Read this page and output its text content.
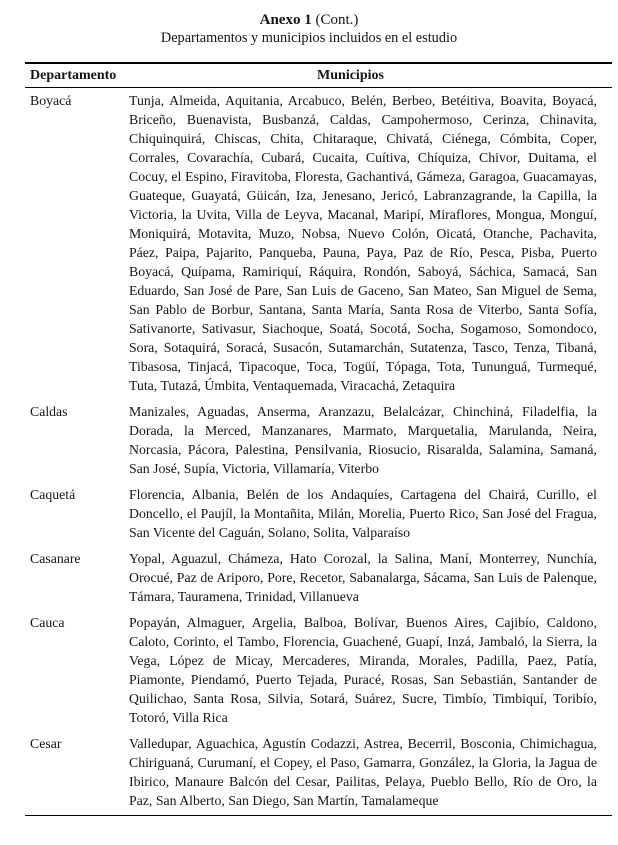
Anexo 1 (Cont.)
Departamentos y municipios incluidos en el estudio
Departamento	Municipios
Boyacá	Tunja, Almeida, Aquitania, Arcabuco, Belén, Berbeo, Betéitiva, Boavita, Boyacá, Briceño, Buenavista, Busbanzá, Caldas, Campohermoso, Cerinza, Chinavita, Chiquinquirá, Chiscas, Chita, Chitaraque, Chivatá, Ciénega, Cómbita, Coper, Corrales, Covarachía, Cubará, Cucaita, Cuítiva, Chíquiza, Chivor, Duitama, el Cocuy, el Espino, Firavitoba, Floresta, Gachantivá, Gámeza, Garagoa, Guacamayas, Guateque, Guayatá, Güicán, Iza, Jenesano, Jericó, Labranzagrande, la Capilla, la Victoria, la Uvita, Villa de Leyva, Macanal, Maripí, Miraflores, Mongua, Monguí, Moniquirá, Motavita, Muzo, Nobsa, Nuevo Colón, Oicatá, Otanche, Pachavita, Páez, Paipa, Pajarito, Panqueba, Pauna, Paya, Paz de Río, Pesca, Pisba, Puerto Boyacá, Quípama, Ramiriquí, Ráquira, Rondón, Saboyá, Sáchica, Samacá, San Eduardo, San José de Pare, San Luis de Gaceno, San Mateo, San Miguel de Sema, San Pablo de Borbur, Santana, Santa María, Santa Rosa de Viterbo, Santa Sofía, Sativanorte, Sativasur, Siachoque, Soatá, Socotá, Socha, Sogamoso, Somondoco, Sora, Sotaquirá, Soracá, Susacón, Sutamarchán, Sutatenza, Tasco, Tenza, Tibaná, Tibasosa, Tinjacá, Tipacoque, Toca, Togüí, Tópaga, Tota, Tununguá, Turmequé, Tuta, Tutazá, Úmbita, Ventaquemada, Viracachá, Zetaquira
Caldas	Manizales, Aguadas, Anserma, Aranzazu, Belalcázar, Chinchiná, Filadelfia, la Dorada, la Merced, Manzanares, Marmato, Marquetalia, Marulanda, Neira, Norcasia, Pácora, Palestina, Pensilvania, Riosucio, Risaralda, Salamina, Samaná, San José, Supía, Victoria, Villamaría, Viterbo
Caquetá	Florencia, Albania, Belén de los Andaquíes, Cartagena del Chairá, Curillo, el Doncello, el Paujíl, la Montañita, Milán, Morelia, Puerto Rico, San José del Fragua, San Vicente del Caguán, Solano, Solita, Valparaíso
Casanare	Yopal, Aguazul, Chámeza, Hato Corozal, la Salina, Maní, Monterrey, Nunchía, Orocué, Paz de Ariporo, Pore, Recetor, Sabanalarga, Sácama, San Luis de Palenque, Támara, Tauramena, Trinidad, Villanueva
Cauca	Popayán, Almaguer, Argelia, Balboa, Bolívar, Buenos Aires, Cajibío, Caldono, Caloto, Corinto, el Tambo, Florencia, Guachené, Guapí, Inzá, Jambaló, la Sierra, la Vega, López de Micay, Mercaderes, Miranda, Morales, Padilla, Paez, Patía, Piamonte, Piendamó, Puerto Tejada, Puracé, Rosas, San Sebastián, Santander de Quilichao, Santa Rosa, Silvia, Sotará, Suárez, Sucre, Timbío, Timbiquí, Toribío, Totoró, Villa Rica
Cesar	Valledupar, Aguachica, Agustín Codazzi, Astrea, Becerril, Bosconia, Chimichagua, Chiriguaná, Curumaní, el Copey, el Paso, Gamarra, González, la Gloria, la Jagua de Ibirico, Manaure Balcón del Cesar, Pailitas, Pelaya, Pueblo Bello, Río de Oro, la Paz, San Alberto, San Diego, San Martín, Tamalameque
